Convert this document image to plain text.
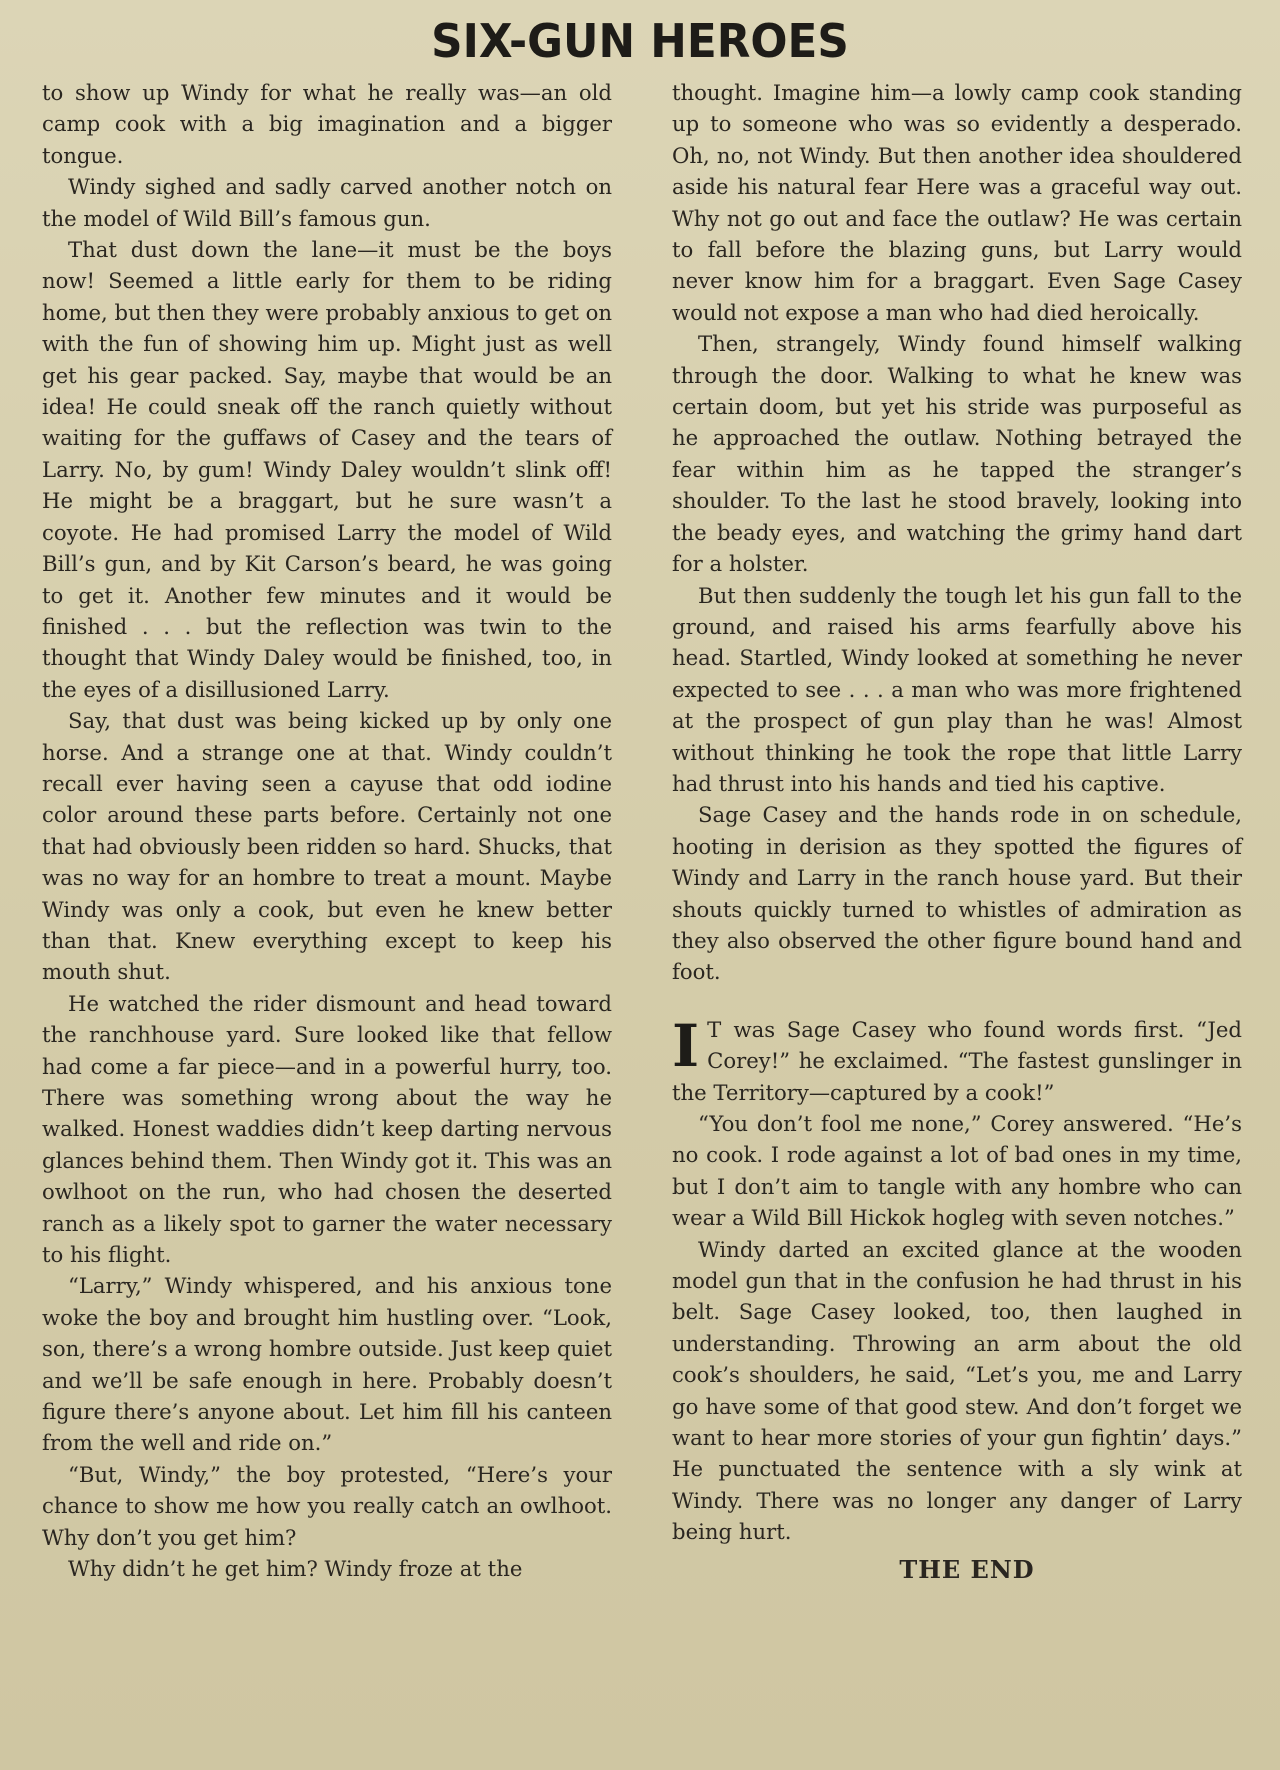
SIX-GUN HEROES

to show up Windy for what he really was—an old camp cook with a big imagination and a bigger tongue.

Windy sighed and sadly carved another notch on the model of Wild Bill’s famous gun.

That dust down the lane—it must be the boys now! Seemed a little early for them to be riding home, but then they were probably anxious to get on with the fun of showing him up. Might just as well get his gear packed. Say, maybe that would be an idea! He could sneak off the ranch quietly without waiting for the guffaws of Casey and the tears of Larry. No, by gum! Windy Daley wouldn’t slink off! He might be a braggart, but he sure wasn’t a coyote. He had promised Larry the model of Wild Bill’s gun, and by Kit Carson’s beard, he was going to get it. Another few minutes and it would be finished . . . but the reflection was twin to the thought that Windy Daley would be finished, too, in the eyes of a disillusioned Larry.

Say, that dust was being kicked up by only one horse. And a strange one at that. Windy couldn’t recall ever having seen a cayuse that odd iodine color around these parts before. Certainly not one that had obviously been ridden so hard. Shucks, that was no way for an hombre to treat a mount. Maybe Windy was only a cook, but even he knew better than that. Knew everything except to keep his mouth shut.

He watched the rider dismount and head toward the ranchhouse yard. Sure looked like that fellow had come a far piece—and in a powerful hurry, too. There was something wrong about the way he walked. Honest waddies didn’t keep darting nervous glances behind them. Then Windy got it. This was an owlhoot on the run, who had chosen the deserted ranch as a likely spot to garner the water necessary to his flight.

“Larry,” Windy whispered, and his anxious tone woke the boy and brought him hustling over. “Look, son, there’s a wrong hombre outside. Just keep quiet and we’ll be safe enough in here. Probably doesn’t figure there’s anyone about. Let him fill his canteen from the well and ride on.”

“But, Windy,” the boy protested, “Here’s your chance to show me how you really catch an owlhoot. Why don’t you get him?

Why didn’t he get him? Windy froze at the

thought. Imagine him—a lowly camp cook standing up to someone who was so evidently a desperado. Oh, no, not Windy. But then another idea shouldered aside his natural fear Here was a graceful way out. Why not go out and face the outlaw? He was certain to fall before the blazing guns, but Larry would never know him for a braggart. Even Sage Casey would not expose a man who had died heroically.

Then, strangely, Windy found himself walking through the door. Walking to what he knew was certain doom, but yet his stride was purposeful as he approached the outlaw. Nothing betrayed the fear within him as he tapped the stranger’s shoulder. To the last he stood bravely, looking into the beady eyes, and watching the grimy hand dart for a holster.

But then suddenly the tough let his gun fall to the ground, and raised his arms fearfully above his head. Startled, Windy looked at something he never expected to see . . . a man who was more frightened at the prospect of gun play than he was! Almost without thinking he took the rope that little Larry had thrust into his hands and tied his captive.

Sage Casey and the hands rode in on schedule, hooting in derision as they spotted the figures of Windy and Larry in the ranch house yard. But their shouts quickly turned to whistles of admiration as they also observed the other figure bound hand and foot.

I T was Sage Casey who found words first. “Jed Corey!” he exclaimed. “The fastest gunslinger in the Territory—captured by a cook!”

“You don’t fool me none,” Corey answered. “He’s no cook. I rode against a lot of bad ones in my time, but I don’t aim to tangle with any hombre who can wear a Wild Bill Hickok hogleg with seven notches.”

Windy darted an excited glance at the wooden model gun that in the confusion he had thrust in his belt. Sage Casey looked, too, then laughed in understanding. Throwing an arm about the old cook’s shoulders, he said, “Let’s you, me and Larry go have some of that good stew. And don’t forget we want to hear more stories of your gun fightin’ days.” He punctuated the sentence with a sly wink at Windy. There was no longer any danger of Larry being hurt.

THE END
